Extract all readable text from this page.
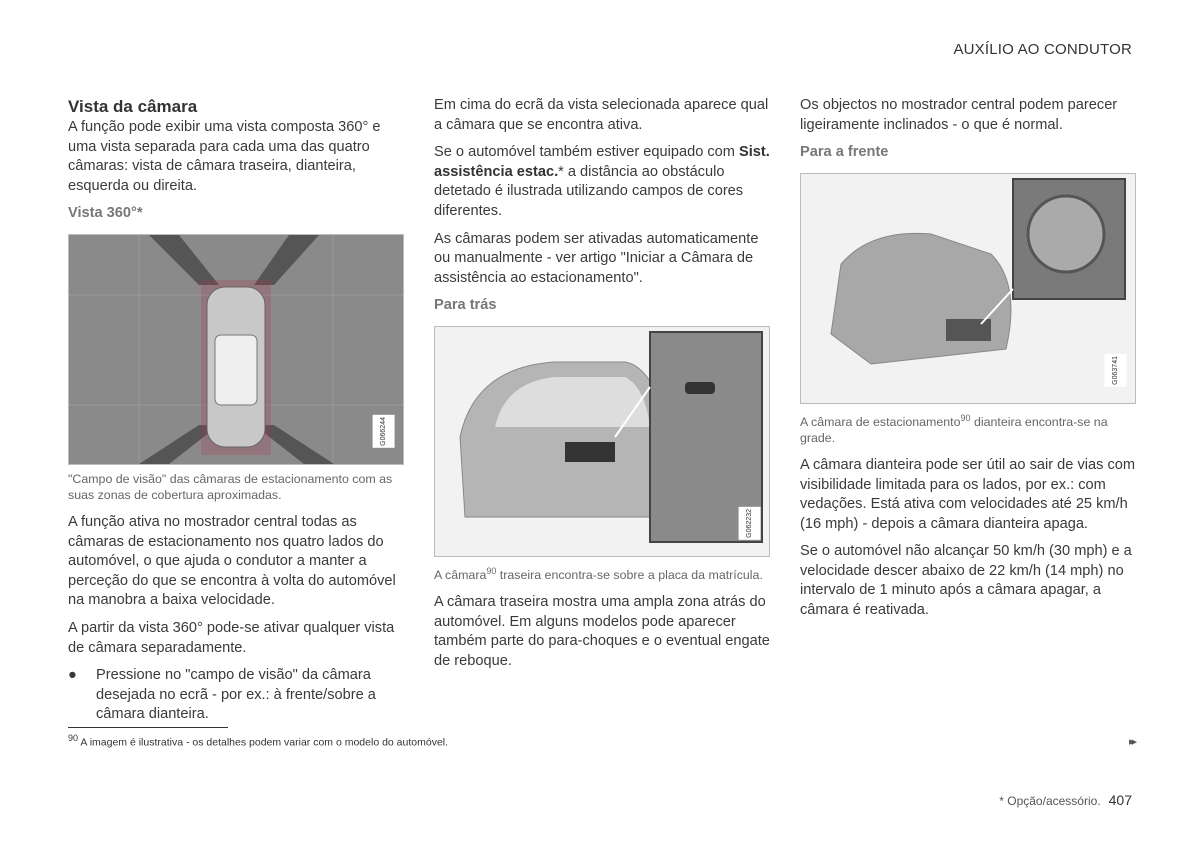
AUXÍLIO AO CONDUTOR
Vista da câmara

A função pode exibir uma vista composta 360° e uma vista separada para cada uma das quatro câmaras: vista de câmara traseira, dianteira, esquerda ou direita.

Vista 360°*
G066244
"Campo de visão" das câmaras de estacionamento com as suas zonas de cobertura aproximadas.

A função ativa no mostrador central todas as câmaras de estacionamento nos quatro lados do automóvel, o que ajuda o condutor a manter a perceção do que se encontra à volta do automóvel na manobra a baixa velocidade.

A partir da vista 360° pode-se ativar qualquer vista de câmara separadamente.

●	Pressione no "campo de visão" da câmara desejada no ecrã - por ex.: à frente/sobre a câmara dianteira.

Em cima do ecrã da vista selecionada aparece qual a câmara que se encontra ativa.

Se o automóvel também estiver equipado com Sist. assistência estac.* a distância ao obstáculo detetado é ilustrada utilizando campos de cores diferentes.

As câmaras podem ser ativadas automaticamente ou manualmente - ver artigo "Iniciar a Câmara de assistência ao estacionamento".

Para trás
G062232
A câmara$^{90}$ traseira encontra-se sobre a placa da matrícula.

A câmara traseira mostra uma ampla zona atrás do automóvel. Em alguns modelos pode aparecer também parte do para-choques e o eventual engate de reboque.

Os objectos no mostrador central podem parecer ligeiramente inclinados - o que é normal.

Para a frente
G063741
A câmara de estacionamento$^{90}$ dianteira encontra-se na grade.

A câmara dianteira pode ser útil ao sair de vias com visibilidade limitada para os lados, por ex.: com vedações. Está ativa com velocidades até 25 km/h (16 mph) - depois a câmara dianteira apaga.

Se o automóvel não alcançar 50 km/h (30 mph) e a velocidade descer abaixo de 22 km/h (14 mph) no intervalo de 1 minuto após a câmara apagar, a câmara é reativada.

$^{90}$ A imagem é ilustrativa - os detalhes podem variar com o modelo do automóvel.	▸▸
* Opção/acessório. 407
